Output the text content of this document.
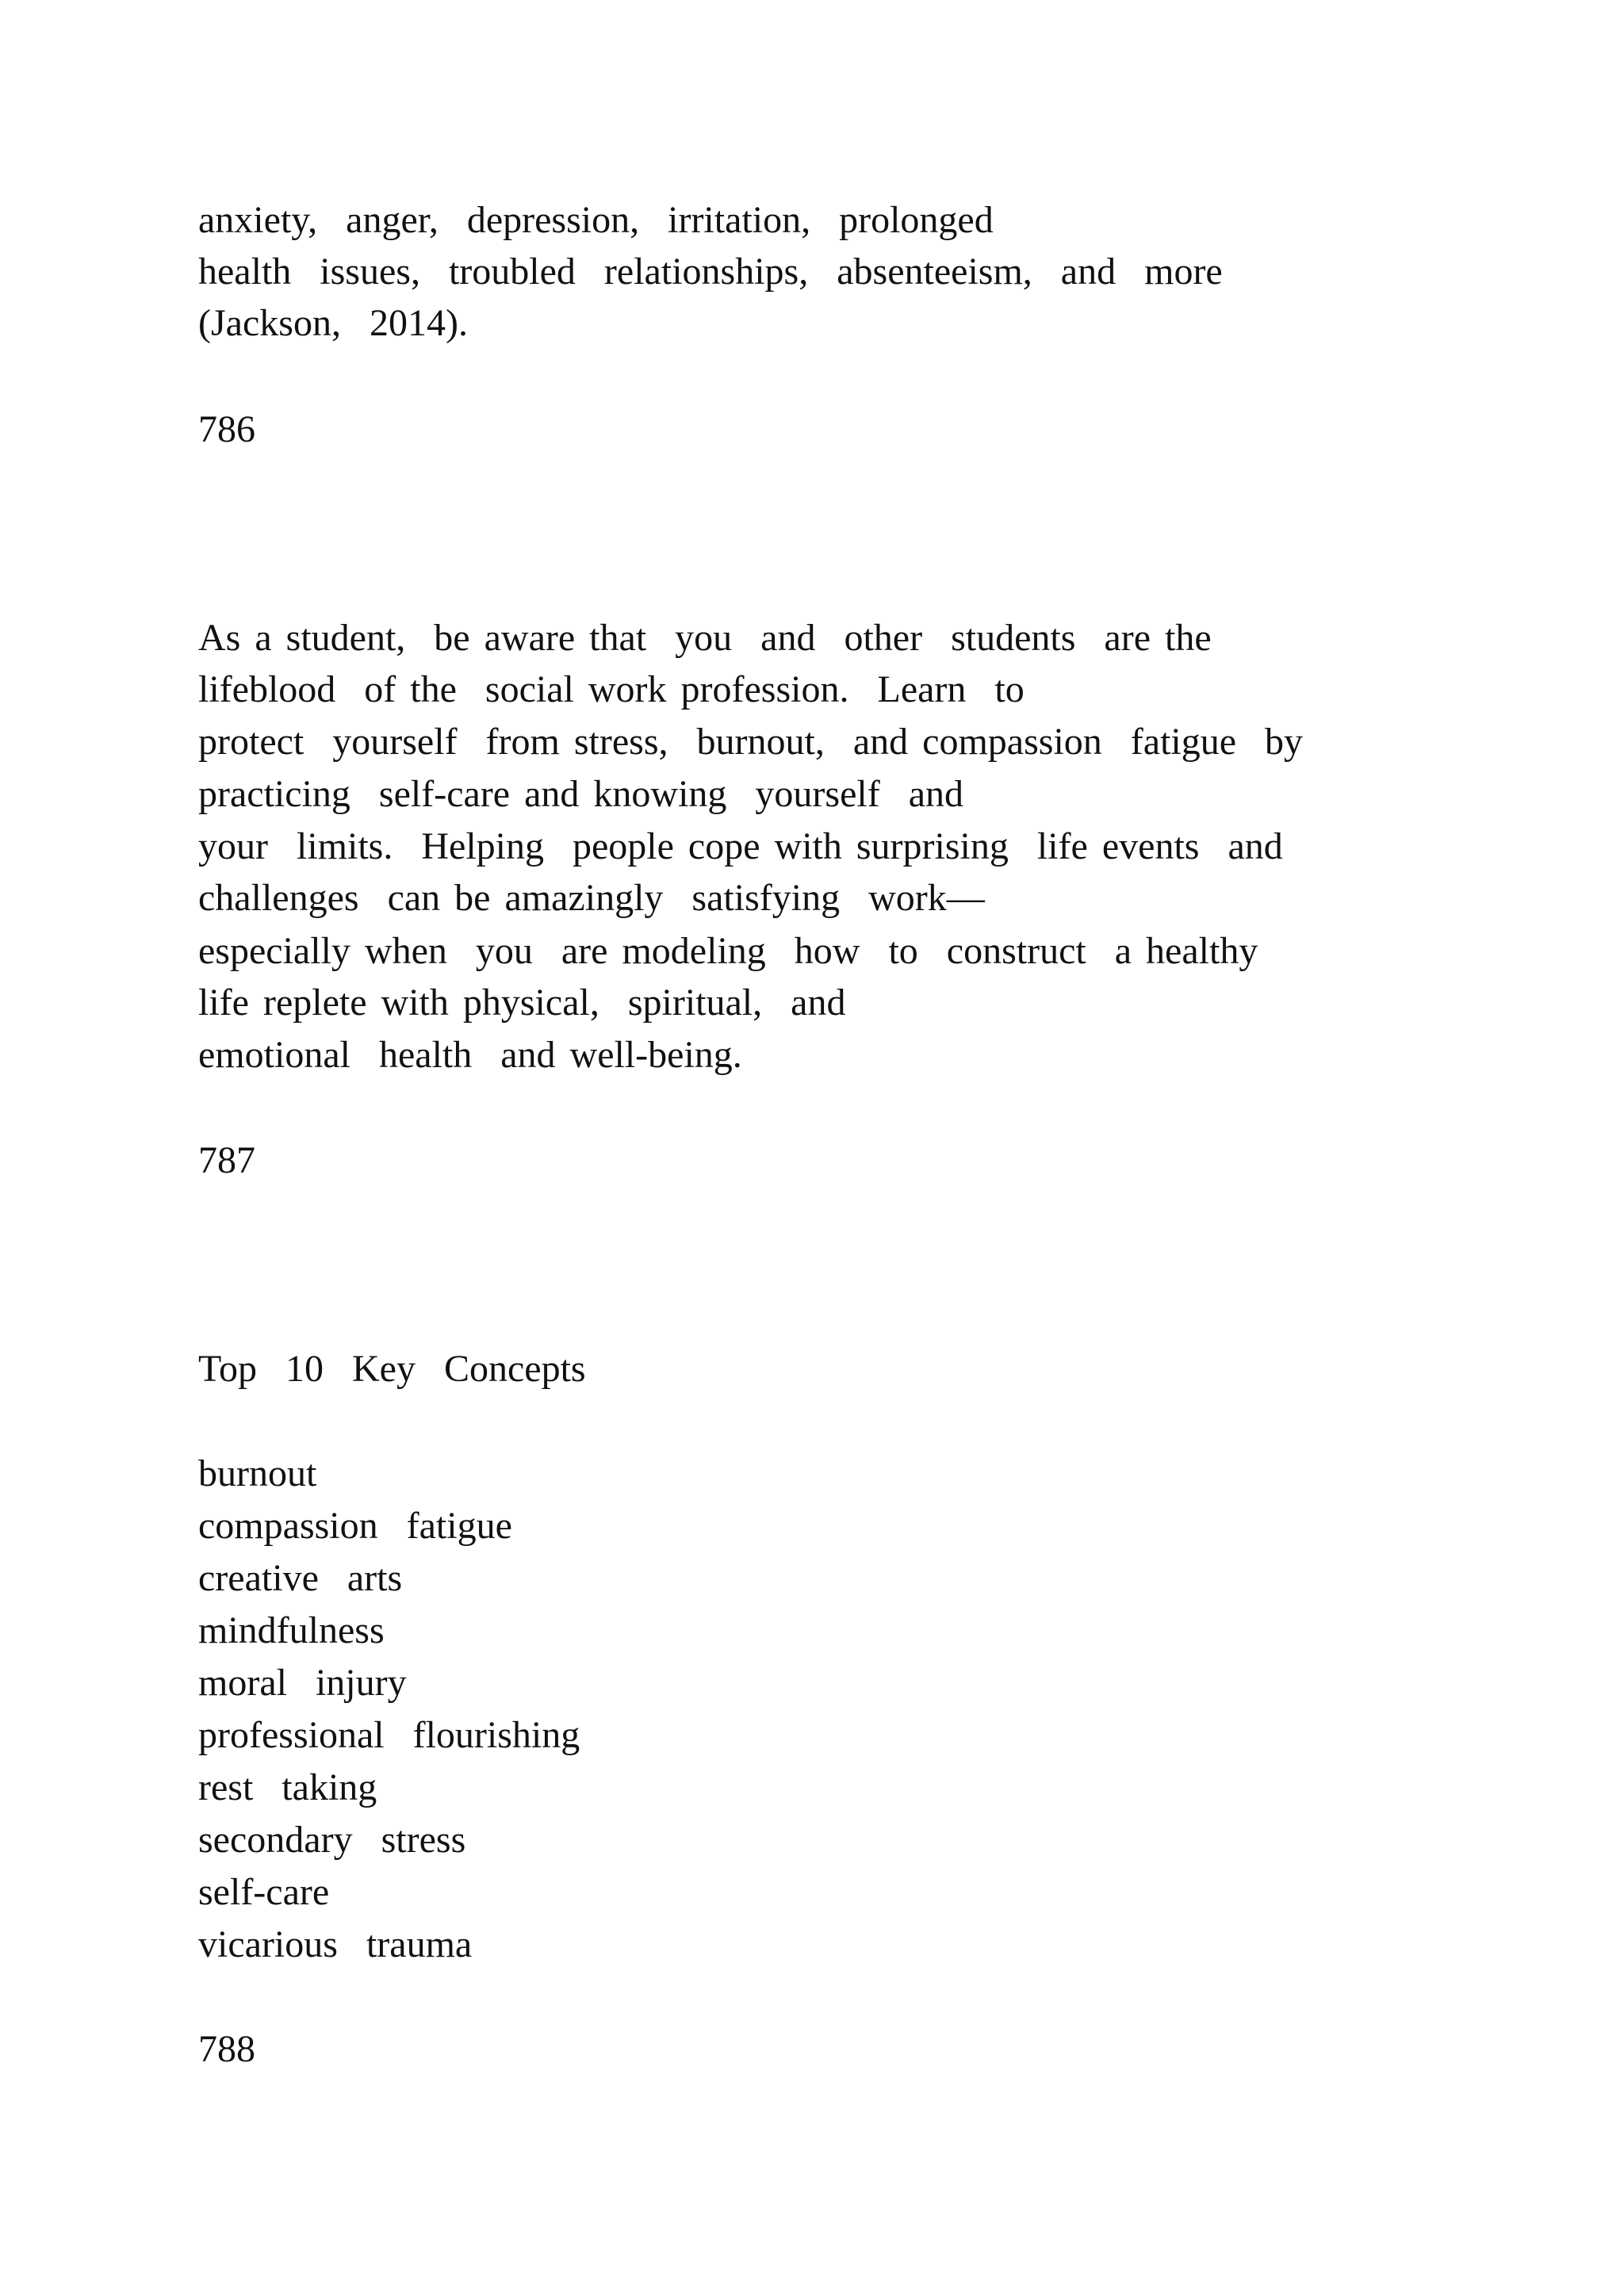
anxiety,  anger,  depression,  irritation,  prolonged

health  issues,  troubled  relationships,  absenteeism,  and  more

(Jackson,  2014).

786

As a student,  be aware that  you  and  other  students  are the

lifeblood  of the  social work profession.  Learn  to

protect  yourself  from stress,  burnout,  and compassion  fatigue  by

practicing  self-care and knowing  yourself  and

your  limits.  Helping  people cope with surprising  life events  and

challenges  can be amazingly  satisfying  work—

especially when  you  are modeling  how  to  construct  a healthy

life replete with physical,  spiritual,  and

emotional  health  and well-being.

787

Top  10  Key  Concepts

burnout

compassion  fatigue

creative  arts

mindfulness

moral  injury

professional  flourishing

rest  taking

secondary  stress

self-care

vicarious  trauma

788
